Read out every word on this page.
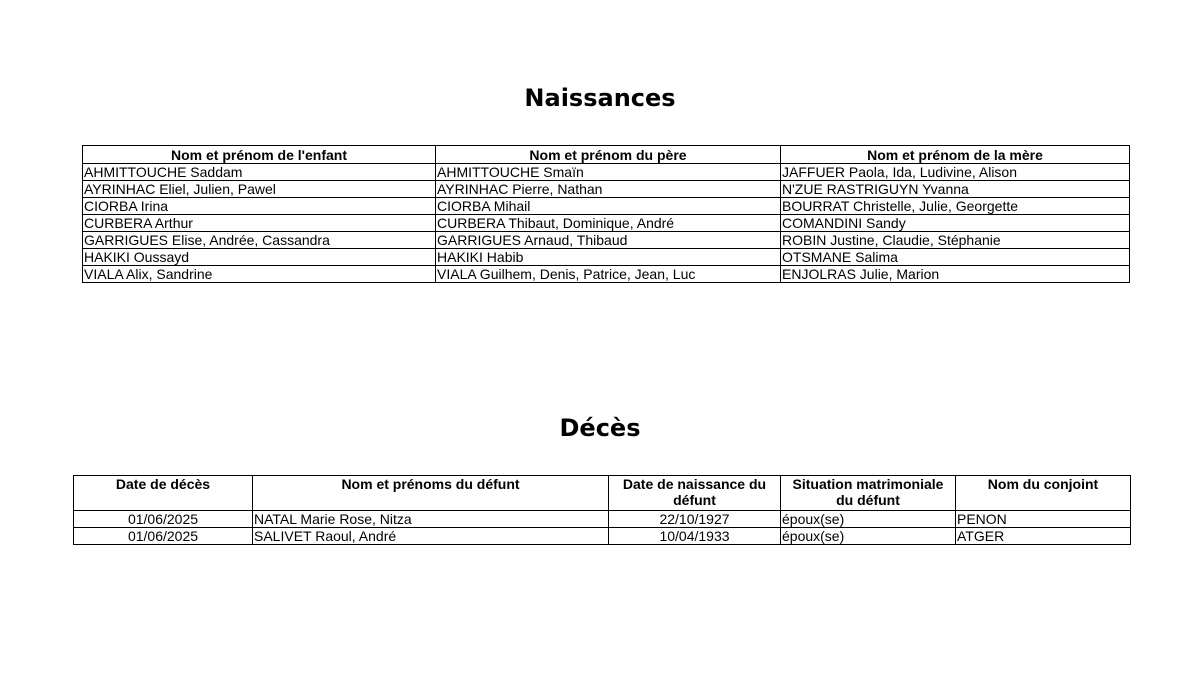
Naissances
Nom et prénom de l'enfant	Nom et prénom du père	Nom et prénom de la mère
AHMITTOUCHE Saddam	AHMITTOUCHE Smaïn	JAFFUER Paola, Ida, Ludivine, Alison
AYRINHAC Eliel, Julien, Pawel	AYRINHAC Pierre, Nathan	N'ZUE RASTRIGUYN Yvanna
CIORBA Irina	CIORBA Mihail	BOURRAT Christelle, Julie, Georgette
CURBERA Arthur	CURBERA Thibaut, Dominique, André	COMANDINI Sandy
GARRIGUES Elise, Andrée, Cassandra	GARRIGUES Arnaud, Thibaud	ROBIN Justine, Claudie, Stéphanie
HAKIKI Oussayd	HAKIKI Habib	OTSMANE Salima
VIALA Alix, Sandrine	VIALA Guilhem, Denis, Patrice, Jean, Luc	ENJOLRAS Julie, Marion
Décès
Date de décès	Nom et prénoms du défunt	Date de naissance du défunt	Situation matrimoniale du défunt	Nom du conjoint
01/06/2025	NATAL Marie Rose, Nitza	22/10/1927	époux(se)	PENON
01/06/2025	SALIVET Raoul, André	10/04/1933	époux(se)	ATGER
